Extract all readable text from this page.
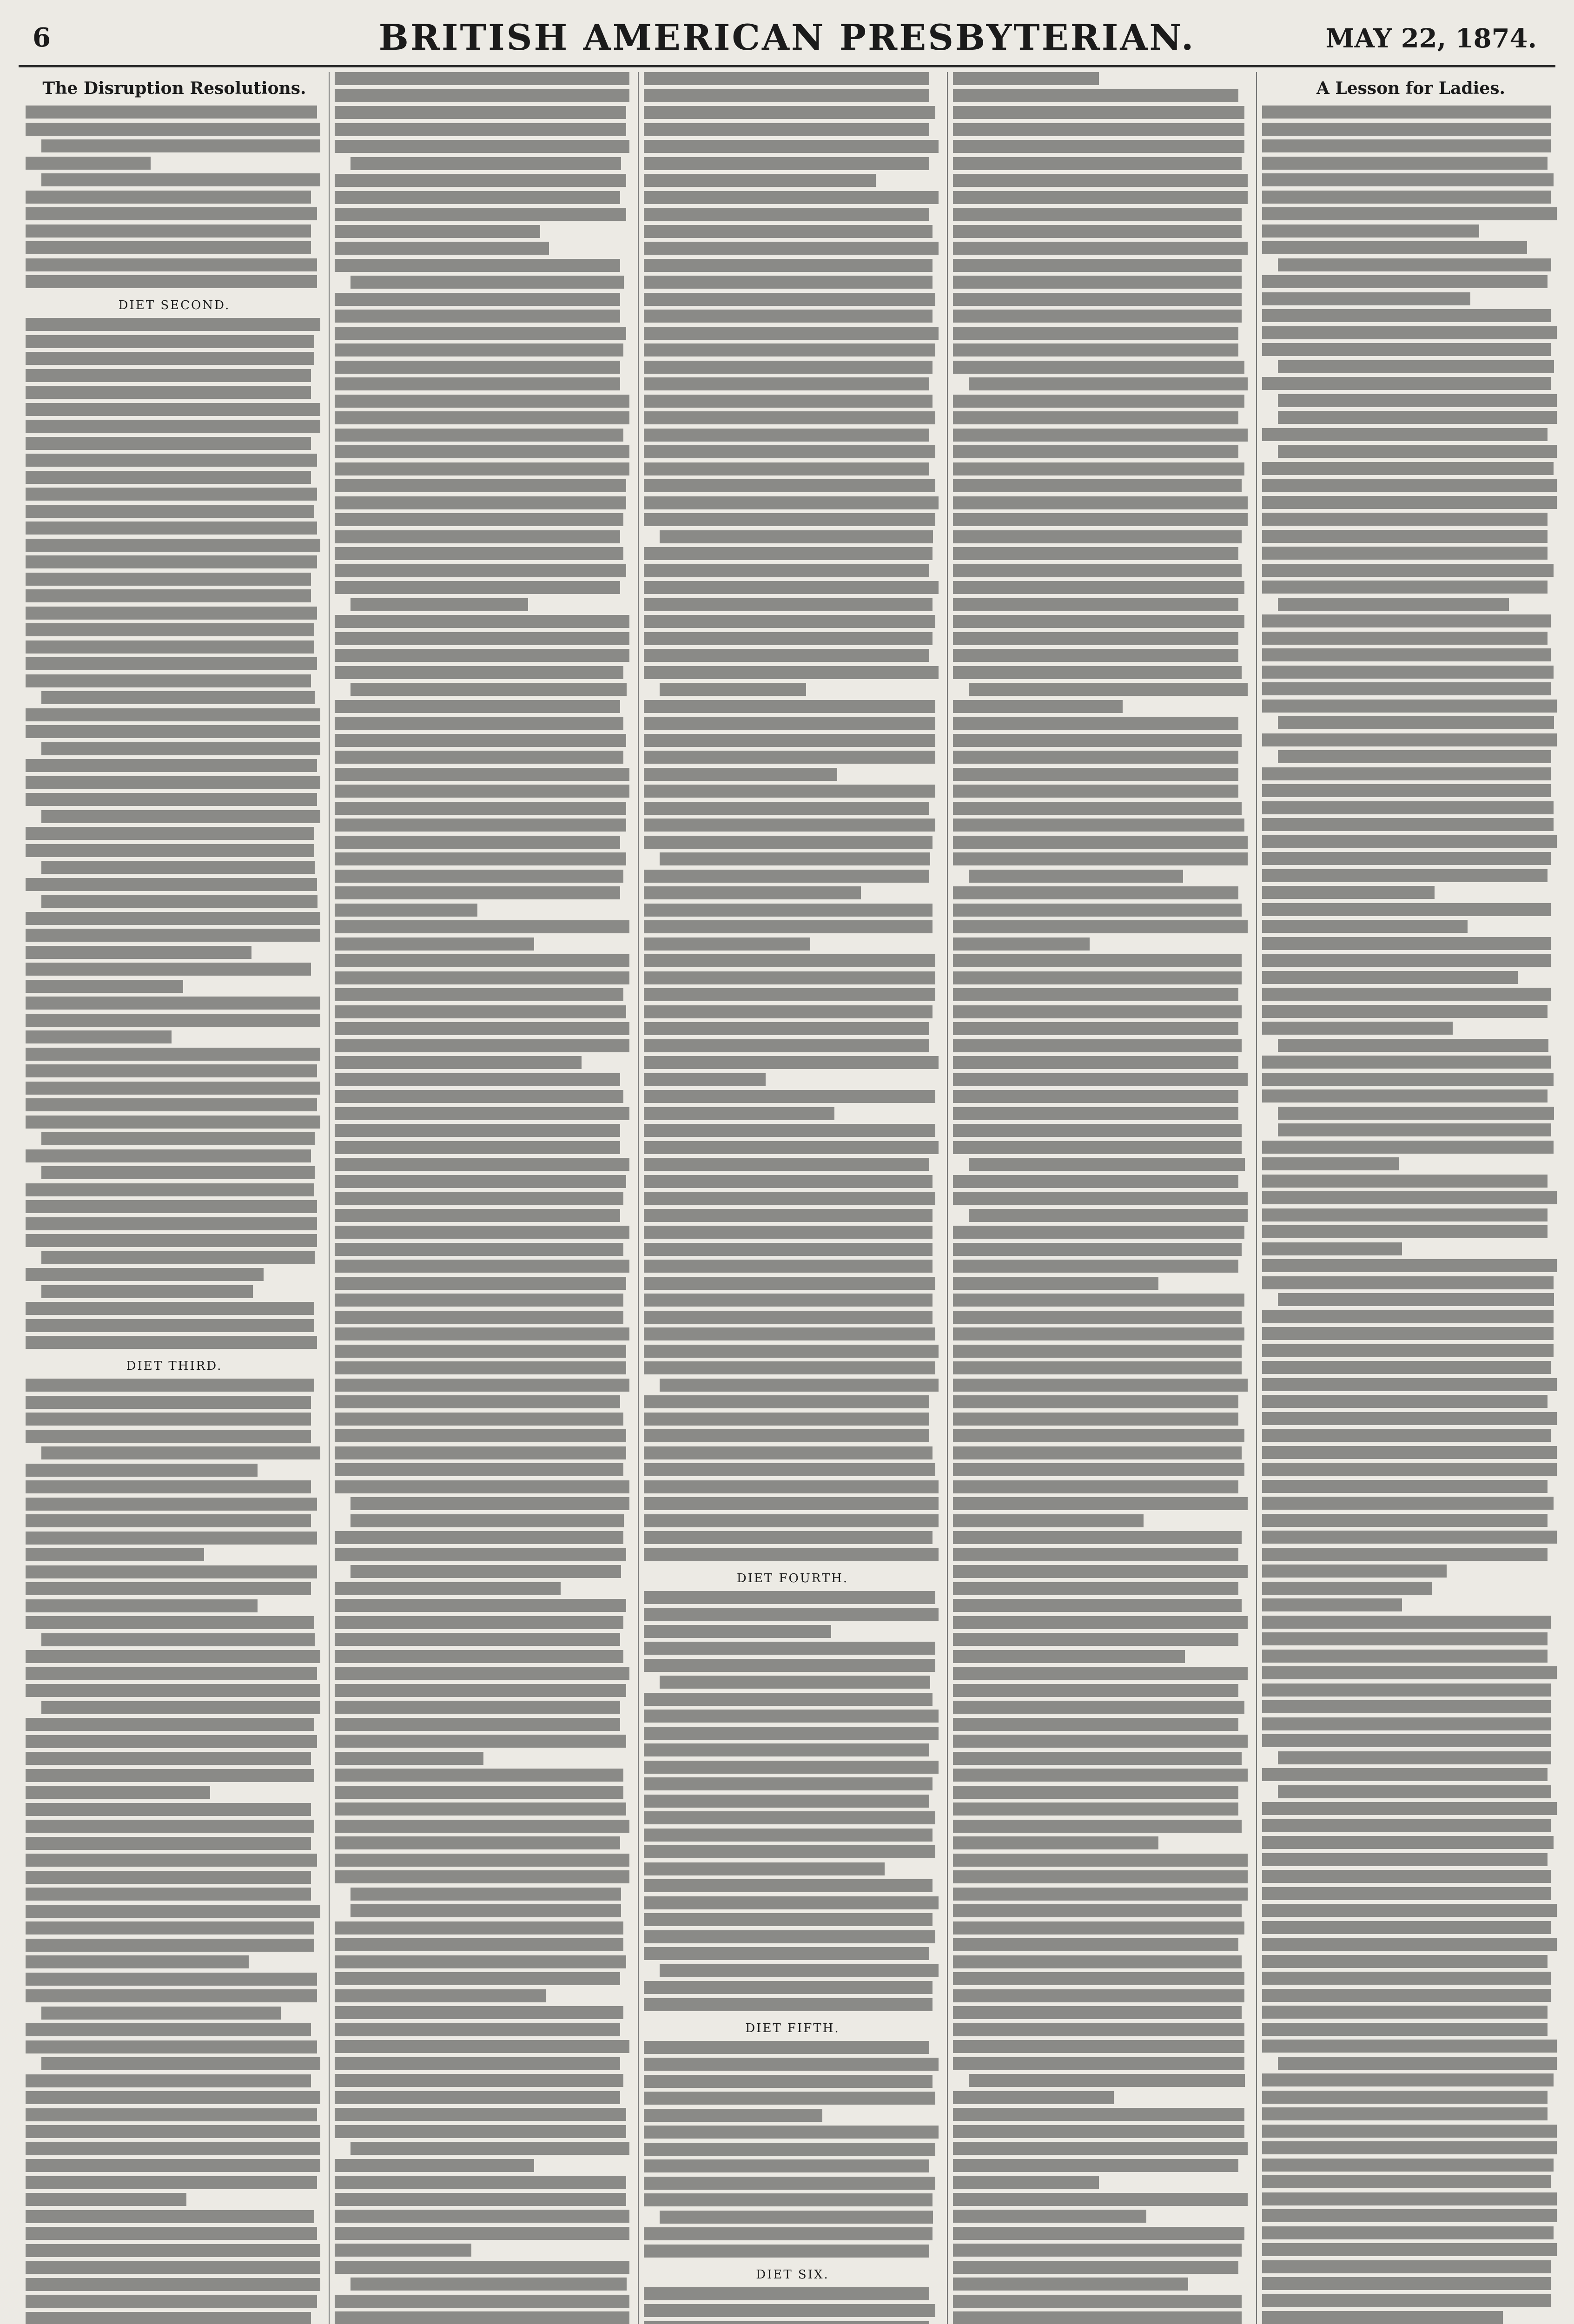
6	BRITISH AMERICAN PRESBYTERIAN.	MAY 22, 1874.
The Disruption Resolutions.
DIET SECOND.
DIET THIRD.
DIET FOURTH.
DIET FIFTH.
DIET SIX.
A Lesson for Ladies.
